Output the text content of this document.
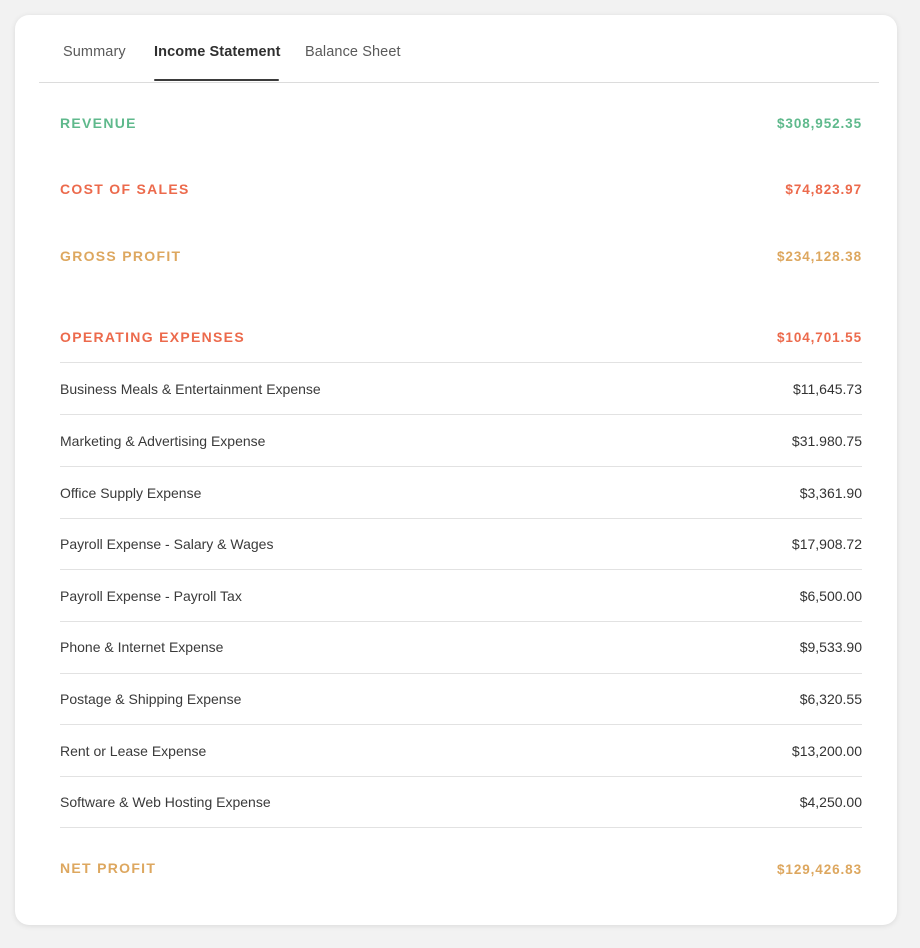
Summary Income Statement Balance Sheet
REVENUE	$308,952.35
COST OF SALES	$74,823.97
GROSS PROFIT	$234,128.38
OPERATING EXPENSES	$104,701.55
Business Meals & Entertainment Expense	$11,645.73
Marketing & Advertising Expense	$31.980.75
Office Supply Expense	$3,361.90
Payroll Expense - Salary & Wages	$17,908.72
Payroll Expense - Payroll Tax	$6,500.00
Phone & Internet Expense	$9,533.90
Postage & Shipping Expense	$6,320.55
Rent or Lease Expense	$13,200.00
Software & Web Hosting Expense	$4,250.00
NET PROFIT	$129,426.83
